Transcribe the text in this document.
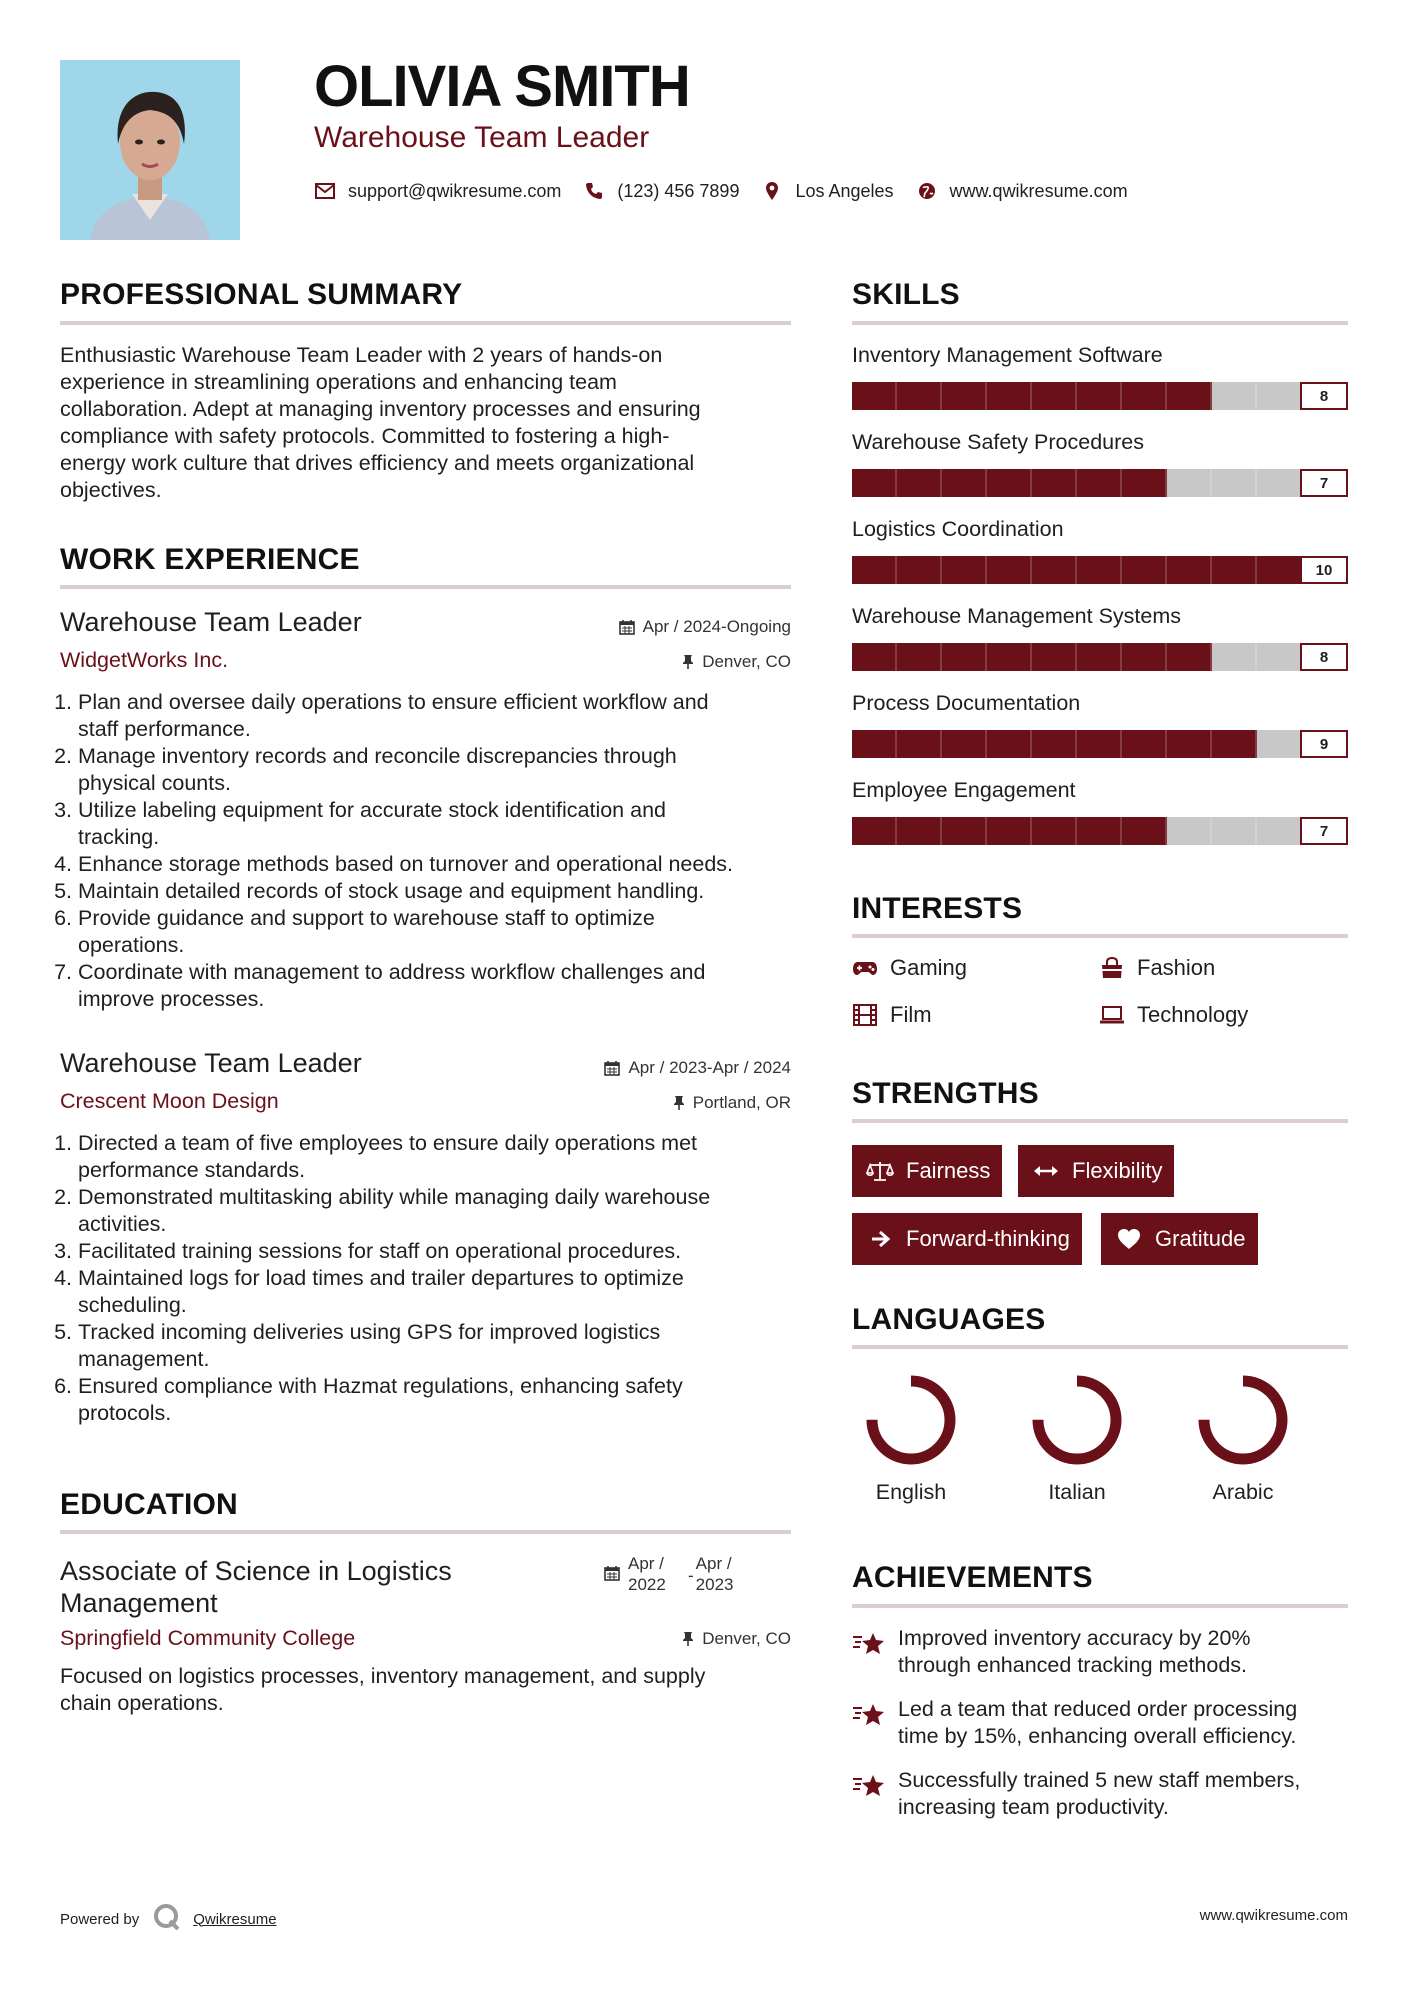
OLIVIA SMITH
Warehouse Team Leader
support@qwikresume.com	(123) 456 7899	Los Angeles	www.qwikresume.com
PROFESSIONAL SUMMARY
Enthusiastic Warehouse Team Leader with 2 years of hands-on
experience in streamlining operations and enhancing team
collaboration. Adept at managing inventory processes and ensuring
compliance with safety protocols. Committed to fostering a high-
energy work culture that drives efficiency and meets organizational
objectives.
WORK EXPERIENCE
Warehouse Team Leader	Apr / 2024-Ongoing
WidgetWorks Inc.	Denver, CO
1. Plan and oversee daily operations to ensure efficient workflow and
staff performance.
2. Manage inventory records and reconcile discrepancies through
physical counts.
3. Utilize labeling equipment for accurate stock identification and
tracking.
4. Enhance storage methods based on turnover and operational needs.
5. Maintain detailed records of stock usage and equipment handling.
6. Provide guidance and support to warehouse staff to optimize
operations.
7. Coordinate with management to address workflow challenges and
improve processes.
Warehouse Team Leader	Apr / 2023-Apr / 2024
Crescent Moon Design	Portland, OR
1. Directed a team of five employees to ensure daily operations met
performance standards.
2. Demonstrated multitasking ability while managing daily warehouse
activities.
3. Facilitated training sessions for staff on operational procedures.
4. Maintained logs for load times and trailer departures to optimize
scheduling.
5. Tracked incoming deliveries using GPS for improved logistics
management.
6. Ensured compliance with Hazmat regulations, enhancing safety
protocols.
EDUCATION
Associate of Science in Logistics
Management
Apr /
2022	-
Apr /
2023
Springfield Community College	Denver, CO
Focused on logistics processes, inventory management, and supply
chain operations.
SKILLS
Inventory Management Software
8
Warehouse Safety Procedures
7
Logistics Coordination
10
Warehouse Management Systems
8
Process Documentation
9
Employee Engagement
7
INTERESTS
Gaming	Fashion
Film	Technology
STRENGTHS
Fairness	Flexibility
Forward-thinking	Gratitude
LANGUAGES
English	Italian	Arabic
ACHIEVEMENTS
Improved inventory accuracy by 20%
through enhanced tracking methods.
Led a team that reduced order processing
time by 15%, enhancing overall efficiency.
Successfully trained 5 new staff members,
increasing team productivity.
Powered by	Qwikresume	www.qwikresume.com
